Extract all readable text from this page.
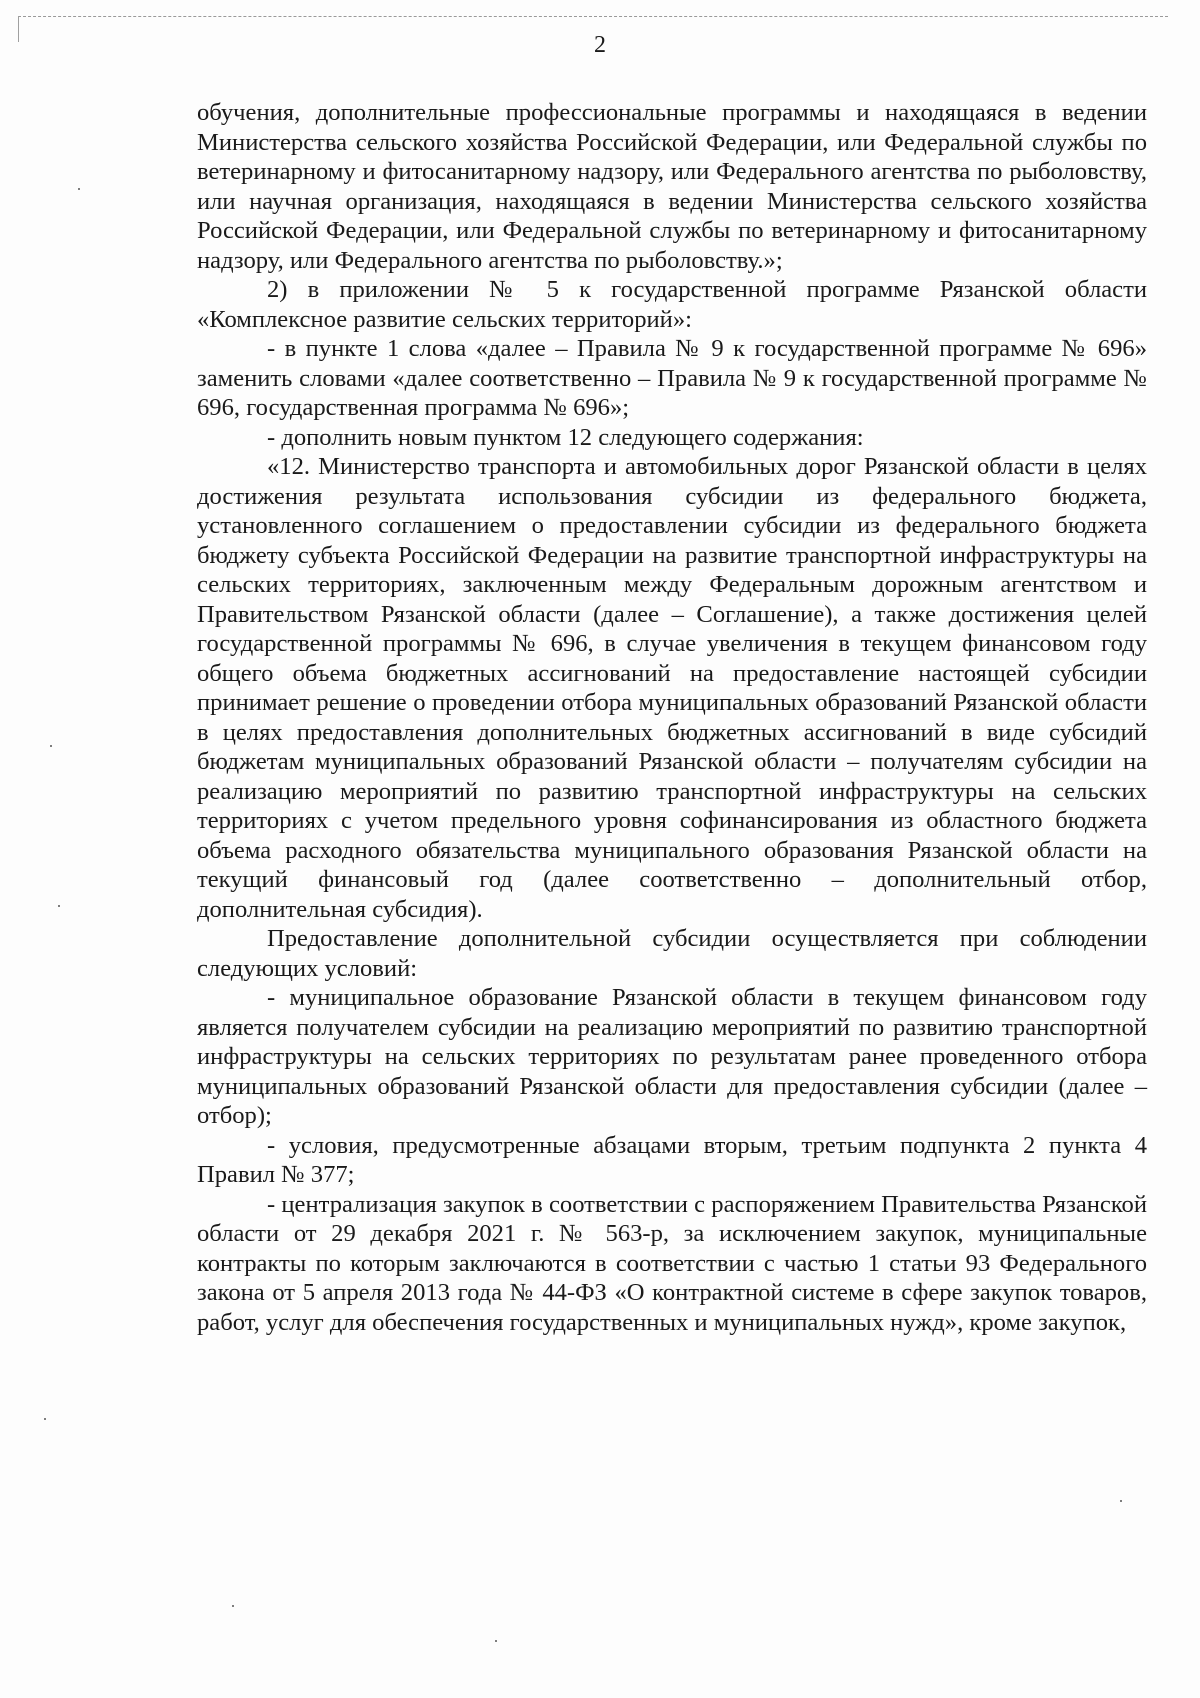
2

обучения, дополнительные профессиональные программы и находящаяся в ведении Министерства сельского хозяйства Российской Федерации, или Федеральной службы по ветеринарному и фитосанитарному надзору, или Федерального агентства по рыболовству, или научная организация, находящаяся в ведении Министерства сельского хозяйства Российской Федерации, или Федеральной службы по ветеринарному и фитосанитарному надзору, или Федерального агентства по рыболовству.»;

2) в приложении № 5 к государственной программе Рязанской области «Комплексное развитие сельских территорий»:

- в пункте 1 слова «далее – Правила № 9 к государственной программе № 696» заменить словами «далее соответственно – Правила № 9 к государственной программе № 696, государственная программа № 696»;

- дополнить новым пунктом 12 следующего содержания:

«12. Министерство транспорта и автомобильных дорог Рязанской области в целях достижения результата использования субсидии из федерального бюджета, установленного соглашением о предоставлении субсидии из федерального бюджета бюджету субъекта Российской Федерации на развитие транспортной инфраструктуры на сельских территориях, заключенным между Федеральным дорожным агентством и Правительством Рязанской области (далее – Соглашение), а также достижения целей государственной программы № 696, в случае увеличения в текущем финансовом году общего объема бюджетных ассигнований на предоставление настоящей субсидии принимает решение о проведении отбора муниципальных образований Рязанской области в целях предоставления дополнительных бюджетных ассигнований в виде субсидий бюджетам муниципальных образований Рязанской области – получателям субсидии на реализацию мероприятий по развитию транспортной инфраструктуры на сельских территориях с учетом предельного уровня софинансирования из областного бюджета объема расходного обязательства муниципального образования Рязанской области на текущий финансовый год (далее соответственно – дополнительный отбор, дополнительная субсидия).

Предоставление дополнительной субсидии осуществляется при соблюдении следующих условий:

- муниципальное образование Рязанской области в текущем финансовом году является получателем субсидии на реализацию мероприятий по развитию транспортной инфраструктуры на сельских территориях по результатам ранее проведенного отбора муниципальных образований Рязанской области для предоставления субсидии (далее – отбор);

- условия, предусмотренные абзацами вторым, третьим подпункта 2 пункта 4 Правил № 377;

- централизация закупок в соответствии с распоряжением Правительства Рязанской области от 29 декабря 2021 г. № 563-р, за исключением закупок, муниципальные контракты по которым заключаются в соответствии с частью 1 статьи 93 Федерального закона от 5 апреля 2013 года № 44-ФЗ «О контрактной системе в сфере закупок товаров, работ, услуг для обеспечения государственных и муниципальных нужд», кроме закупок,
